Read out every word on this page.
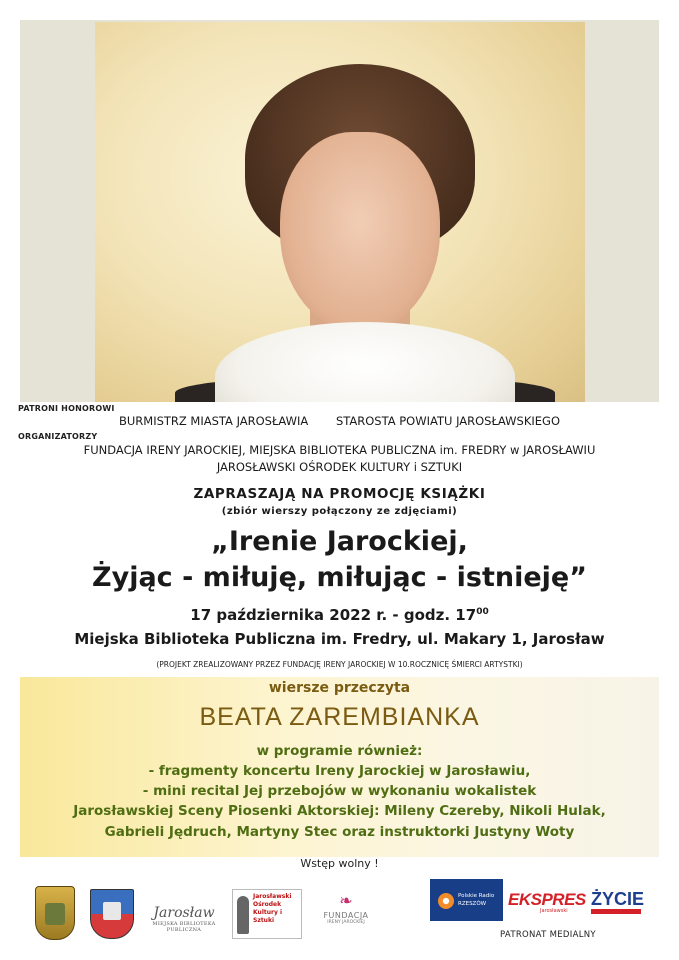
PATRONI HONOROWI
BURMISTRZ MIASTA JAROSŁAWIA STAROSTA POWIATU JAROSŁAWSKIEGO
ORGANIZATORZY
FUNDACJA IRENY JAROCKIEJ, MIEJSKA BIBLIOTEKA PUBLICZNA im. FREDRY w JAROSŁAWIU
JAROSŁAWSKI OŚRODEK KULTURY i SZTUKI
ZAPRASZAJĄ NA PROMOCJĘ KSIĄŻKI
(zbiór wierszy połączony ze zdjęciami)
„Irenie Jarockiej,
Żyjąc - miłuję, miłując - istnieję”
17 października 2022 r. - godz. $17^{00}$
Miejska Biblioteka Publiczna im. Fredry, ul. Makary 1, Jarosław
(PROJEKT ZREALIZOWANY PRZEZ FUNDACJĘ IRENY JAROCKIEJ W 10.ROCZNICĘ ŚMIERCI ARTYSTKI)
wiersze przeczyta
BEATA ZAREMBIANKA
w programie również:
- fragmenty koncertu Ireny Jarockiej w Jarosławiu,
- mini recital Jej przebojów w wykonaniu wokalistek
Jarosławskiej Sceny Piosenki Aktorskiej: Mileny Czereby, Nikoli Hulak,
Gabrieli Jędruch, Martyny Stec oraz instruktorki Justyny Woty
Wstęp wolny !
Jarosław
MIEJSKA BIBLIOTEKA PUBLICZNA
Jarosławski Ośrodek Kultury i Sztuki
❧
FUNDACJA
IRENY JAROCKIEJ
Polskie Radio RZESZÓW	EKSPRES
Jarosławski
ŻYCIE
PATRONAT MEDIALNY
